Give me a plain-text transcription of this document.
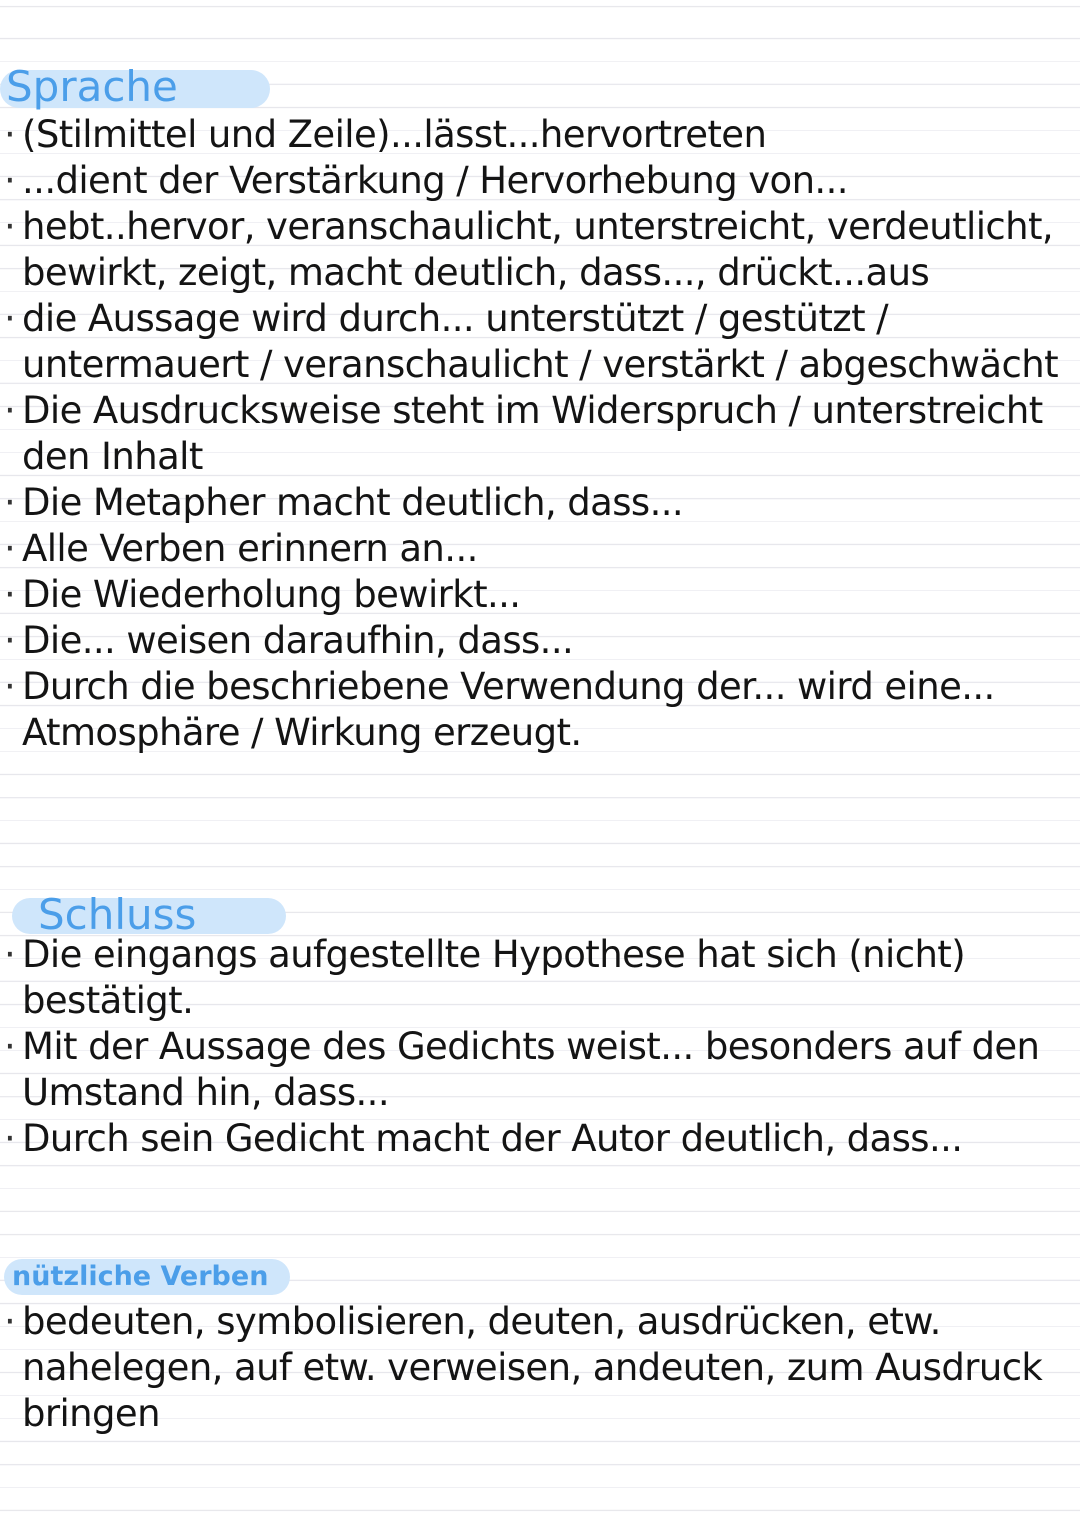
Sprache
· (Stilmittel und Zeile)...lässt...hervortreten
· ...dient der Verstärkung / Hervorhebung von...
· hebt..hervor, veranschaulicht, unterstreicht, verdeutlicht, bewirkt, zeigt, macht deutlich, dass..., drückt...aus
· die Aussage wird durch... unterstützt / gestützt / untermauert / veranschaulicht / verstärkt / abgeschwächt
· Die Ausdrucksweise steht im Widerspruch / unterstreicht den Inhalt
· Die Metapher macht deutlich, dass...
· Alle Verben erinnern an...
· Die Wiederholung bewirkt...
· Die... weisen daraufhin, dass...
· Durch die beschriebene Verwendung der... wird eine... Atmosphäre / Wirkung erzeugt.
Schluss
· Die eingangs aufgestellte Hypothese hat sich (nicht) bestätigt.
· Mit der Aussage des Gedichts weist... besonders auf den Umstand hin, dass...
· Durch sein Gedicht macht der Autor deutlich, dass...
nützliche Verben
· bedeuten, symbolisieren, deuten, ausdrücken, etw. nahelegen, auf etw. verweisen, andeuten, zum Ausdruck bringen
